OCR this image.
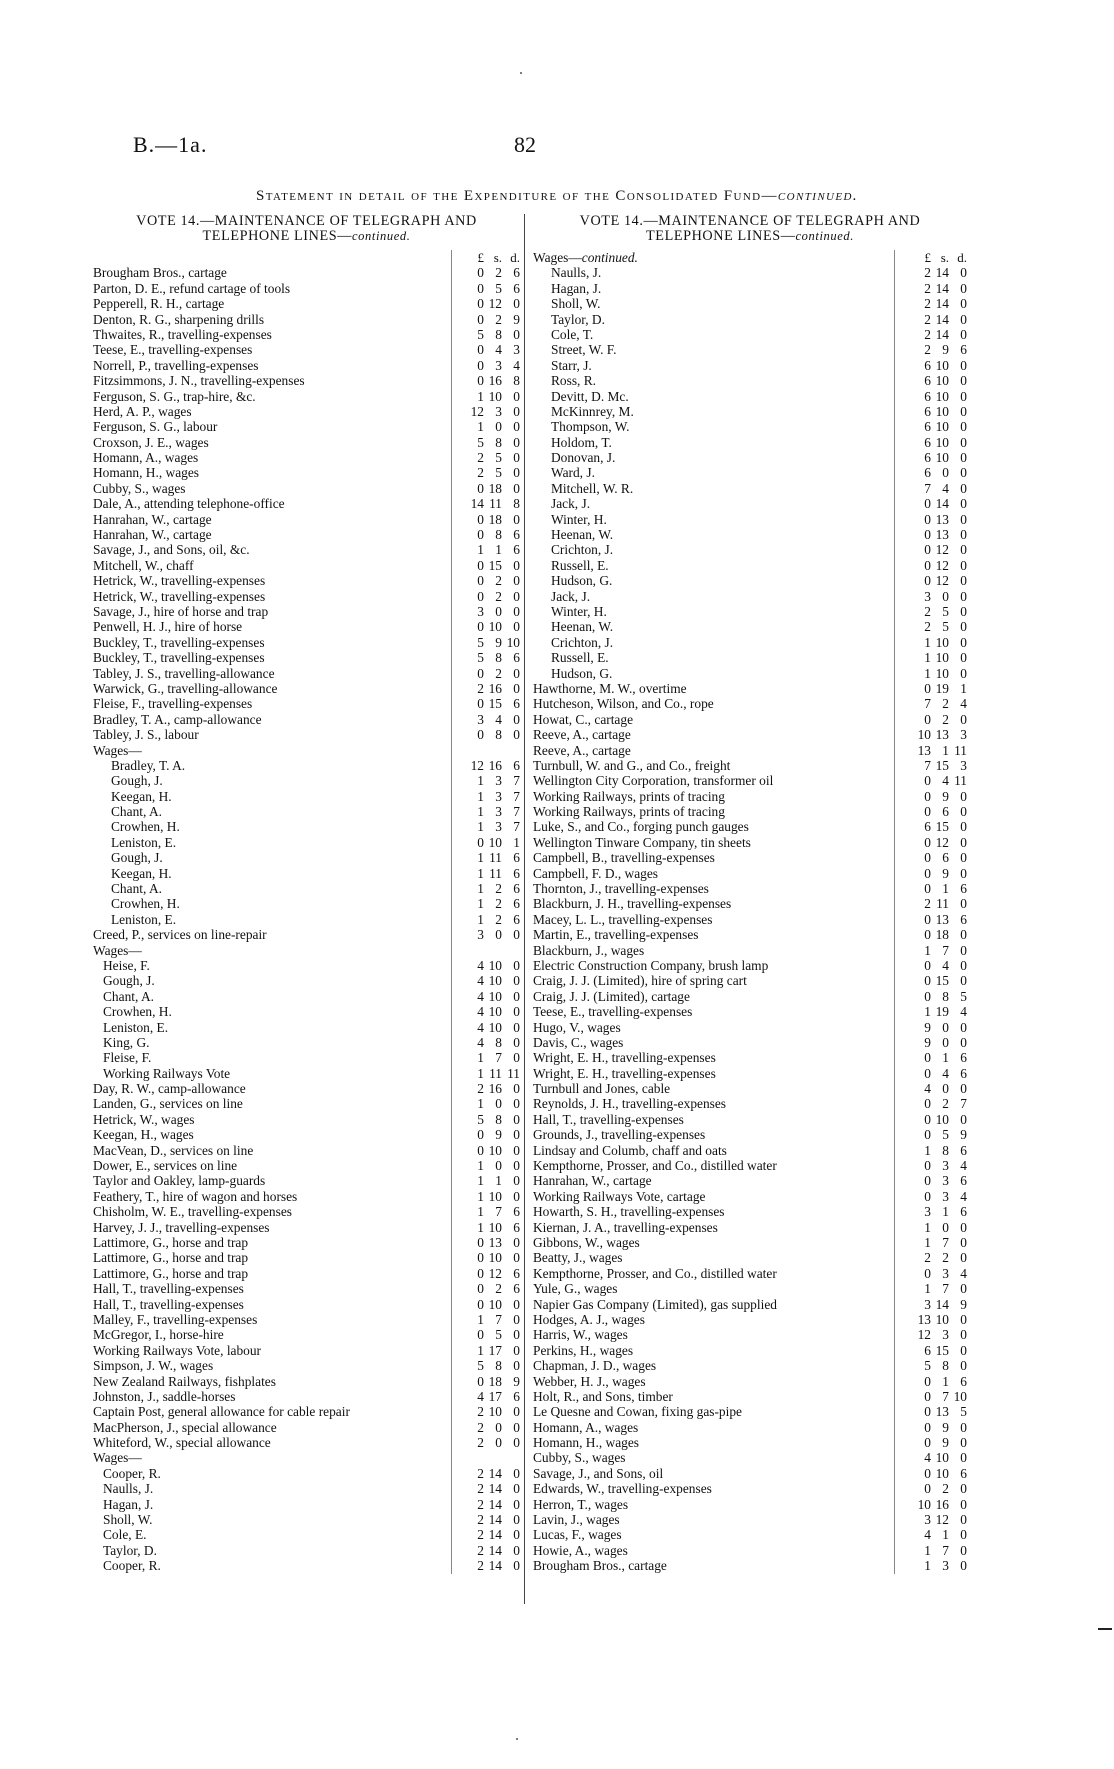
B.—1a.	82
Statement in detail of the Expenditure of the Consolidated Fund—continued.
VOTE 14.—MAINTENANCE OF TELEGRAPH AND
TELEPHONE LINES—continued.
£ s. d.
Brougham Bros., cartage	0 2 6
Parton, D. E., refund cartage of tools	0 5 6
Pepperell, R. H., cartage	0 12 0
Denton, R. G., sharpening drills	0 2 9
Thwaites, R., travelling-expenses	5 8 0
Teese, E., travelling-expenses	0 4 3
Norrell, P., travelling-expenses	0 3 4
Fitzsimmons, J. N., travelling-expenses	0 16 8
Ferguson, S. G., trap-hire, &c.	1 10 0
Herd, A. P., wages	12 3 0
Ferguson, S. G., labour	1 0 0
Croxson, J. E., wages	5 8 0
Homann, A., wages	2 5 0
Homann, H., wages	2 5 0
Cubby, S., wages	0 18 0
Dale, A., attending telephone-office	14 11 8
Hanrahan, W., cartage	0 18 0
Hanrahan, W., cartage	0 8 6
Savage, J., and Sons, oil, &c.	1 1 6
Mitchell, W., chaff	0 15 0
Hetrick, W., travelling-expenses	0 2 0
Hetrick, W., travelling-expenses	0 2 0
Savage, J., hire of horse and trap	3 0 0
Penwell, H. J., hire of horse	0 10 0
Buckley, T., travelling-expenses	5 9 10
Buckley, T., travelling-expenses	5 8 6
Tabley, J. S., travelling-allowance	0 2 0
Warwick, G., travelling-allowance	2 16 0
Fleise, F., travelling-expenses	0 15 6
Bradley, T. A., camp-allowance	3 4 0
Tabley, J. S., labour	0 8 0
Wages—
Bradley, T. A.	12 16 6
Gough, J.	1 3 7
Keegan, H.	1 3 7
Chant, A.	1 3 7
Crowhen, H.	1 3 7
Leniston, E.	0 10 1
Gough, J.	1 11 6
Keegan, H.	1 11 6
Chant, A.	1 2 6
Crowhen, H.	1 2 6
Leniston, E.	1 2 6
Creed, P., services on line-repair	3 0 0
Wages—
Heise, F.	4 10 0
Gough, J.	4 10 0
Chant, A.	4 10 0
Crowhen, H.	4 10 0
Leniston, E.	4 10 0
King, G.	4 8 0
Fleise, F.	1 7 0
Working Railways Vote	1 11 11
Day, R. W., camp-allowance	2 16 0
Landen, G., services on line	1 0 0
Hetrick, W., wages	5 8 0
Keegan, H., wages	0 9 0
MacVean, D., services on line	0 10 0
Dower, E., services on line	1 0 0
Taylor and Oakley, lamp-guards	1 1 0
Feathery, T., hire of wagon and horses	1 10 0
Chisholm, W. E., travelling-expenses	1 7 6
Harvey, J. J., travelling-expenses	1 10 6
Lattimore, G., horse and trap	0 13 0
Lattimore, G., horse and trap	0 10 0
Lattimore, G., horse and trap	0 12 6
Hall, T., travelling-expenses	0 2 6
Hall, T., travelling-expenses	0 10 0
Malley, F., travelling-expenses	1 7 0
McGregor, I., horse-hire	0 5 0
Working Railways Vote, labour	1 17 0
Simpson, J. W., wages	5 8 0
New Zealand Railways, fishplates	0 18 9
Johnston, J., saddle-horses	4 17 6
Captain Post, general allowance for cable repair	2 10 0
MacPherson, J., special allowance	2 0 0
Whiteford, W., special allowance	2 0 0
Wages—
Cooper, R.	2 14 0
Naulls, J.	2 14 0
Hagan, J.	2 14 0
Sholl, W.	2 14 0
Cole, E.	2 14 0
Taylor, D.	2 14 0
Cooper, R.	2 14 0
VOTE 14.—MAINTENANCE OF TELEGRAPH AND
TELEPHONE LINES—continued.
Wages—continued.	£ s. d.
Naulls, J.	2 14 0
Hagan, J.	2 14 0
Sholl, W.	2 14 0
Taylor, D.	2 14 0
Cole, T.	2 14 0
Street, W. F.	2 9 6
Starr, J.	6 10 0
Ross, R.	6 10 0
Devitt, D. Mc.	6 10 0
McKinnrey, M.	6 10 0
Thompson, W.	6 10 0
Holdom, T.	6 10 0
Donovan, J.	6 10 0
Ward, J.	6 0 0
Mitchell, W. R.	7 4 0
Jack, J.	0 14 0
Winter, H.	0 13 0
Heenan, W.	0 13 0
Crichton, J.	0 12 0
Russell, E.	0 12 0
Hudson, G.	0 12 0
Jack, J.	3 0 0
Winter, H.	2 5 0
Heenan, W.	2 5 0
Crichton, J.	1 10 0
Russell, E.	1 10 0
Hudson, G.	1 10 0
Hawthorne, M. W., overtime	0 19 1
Hutcheson, Wilson, and Co., rope	7 2 4
Howat, C., cartage	0 2 0
Reeve, A., cartage	10 13 3
Reeve, A., cartage	13 1 11
Turnbull, W. and G., and Co., freight	7 15 3
Wellington City Corporation, transformer oil	0 4 11
Working Railways, prints of tracing	0 9 0
Working Railways, prints of tracing	0 6 0
Luke, S., and Co., forging punch gauges	6 15 0
Wellington Tinware Company, tin sheets	0 12 0
Campbell, B., travelling-expenses	0 6 0
Campbell, F. D., wages	0 9 0
Thornton, J., travelling-expenses	0 1 6
Blackburn, J. H., travelling-expenses	2 11 0
Macey, L. L., travelling-expenses	0 13 6
Martin, E., travelling-expenses	0 18 0
Blackburn, J., wages	1 7 0
Electric Construction Company, brush lamp	0 4 0
Craig, J. J. (Limited), hire of spring cart	0 15 0
Craig, J. J. (Limited), cartage	0 8 5
Teese, E., travelling-expenses	1 19 4
Hugo, V., wages	9 0 0
Davis, C., wages	9 0 0
Wright, E. H., travelling-expenses	0 1 6
Wright, E. H., travelling-expenses	0 4 6
Turnbull and Jones, cable	4 0 0
Reynolds, J. H., travelling-expenses	0 2 7
Hall, T., travelling-expenses	0 10 0
Grounds, J., travelling-expenses	0 5 9
Lindsay and Columb, chaff and oats	1 8 6
Kempthorne, Prosser, and Co., distilled water	0 3 4
Hanrahan, W., cartage	0 3 6
Working Railways Vote, cartage	0 3 4
Howarth, S. H., travelling-expenses	3 1 6
Kiernan, J. A., travelling-expenses	1 0 0
Gibbons, W., wages	1 7 0
Beatty, J., wages	2 2 0
Kempthorne, Prosser, and Co., distilled water	0 3 4
Yule, G., wages	1 7 0
Napier Gas Company (Limited), gas supplied	3 14 9
Hodges, A. J., wages	13 10 0
Harris, W., wages	12 3 0
Perkins, H., wages	6 15 0
Chapman, J. D., wages	5 8 0
Webber, H. J., wages	0 1 6
Holt, R., and Sons, timber	0 7 10
Le Quesne and Cowan, fixing gas-pipe	0 13 5
Homann, A., wages	0 9 0
Homann, H., wages	0 9 0
Cubby, S., wages	4 10 0
Savage, J., and Sons, oil	0 10 6
Edwards, W., travelling-expenses	0 2 0
Herron, T., wages	10 16 0
Lavin, J., wages	3 12 0
Lucas, F., wages	4 1 0
Howie, A., wages	1 7 0
Brougham Bros., cartage	1 3 0
